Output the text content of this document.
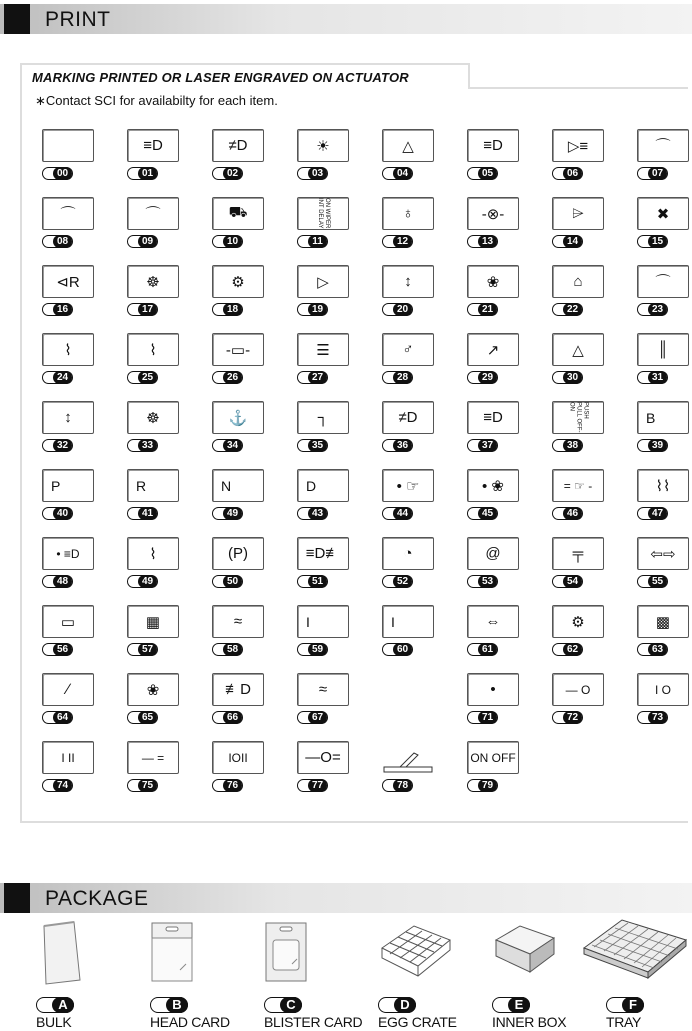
PRINT
MARKING PRINTED OR LASER ENGRAVED ON ACTUATOR
∗Contact SCI for availabilty for each item.
00
≡D
01
≠D
02
☀
03
△
04
≡D
05
▷≡
06
⌒
07
⌒
08
⌒
09
⛟
10
ON WIPER INT DELAY
11
♁
12
-⊗-
13
⌲
14
✖
15
⊲R
16
☸
17
⚙
18
▷
19
↕
20
❀
21
⌂
22
⌒
23
⌇
24
⌇
25
-▭-
26
☰
27
♂
28
↗
29
△
30
║
31
↕
32
☸
33
⚓
34
┐
35
≠D
36
≡D
37
PUSH PULL OFF-ON
38
B
39
P
40
R
41
N
49
D
43
• ☞
44
• ❀
45
= ☞ -
46
⌇⌇
47
• ≡D
48
⌇
49
(P)
50
≡D≢
51
◔
52
@
53
╤
54
⇦⇨
55
▭
56
▦
57
≈
58
I
59
I
60
⇔
61
⚙
62
▩
63
∕
64
❀
65
≢D
66
≈
67
•
71
— O
72
I O
73
I II
74
— =
75
IOII
76
—O=
77	78
ON OFF
79
PACKAGE
A
BULK
B
HEAD CARD
C
BLISTER CARD
D
EGG CRATE
E
INNER BOX
F
TRAY
